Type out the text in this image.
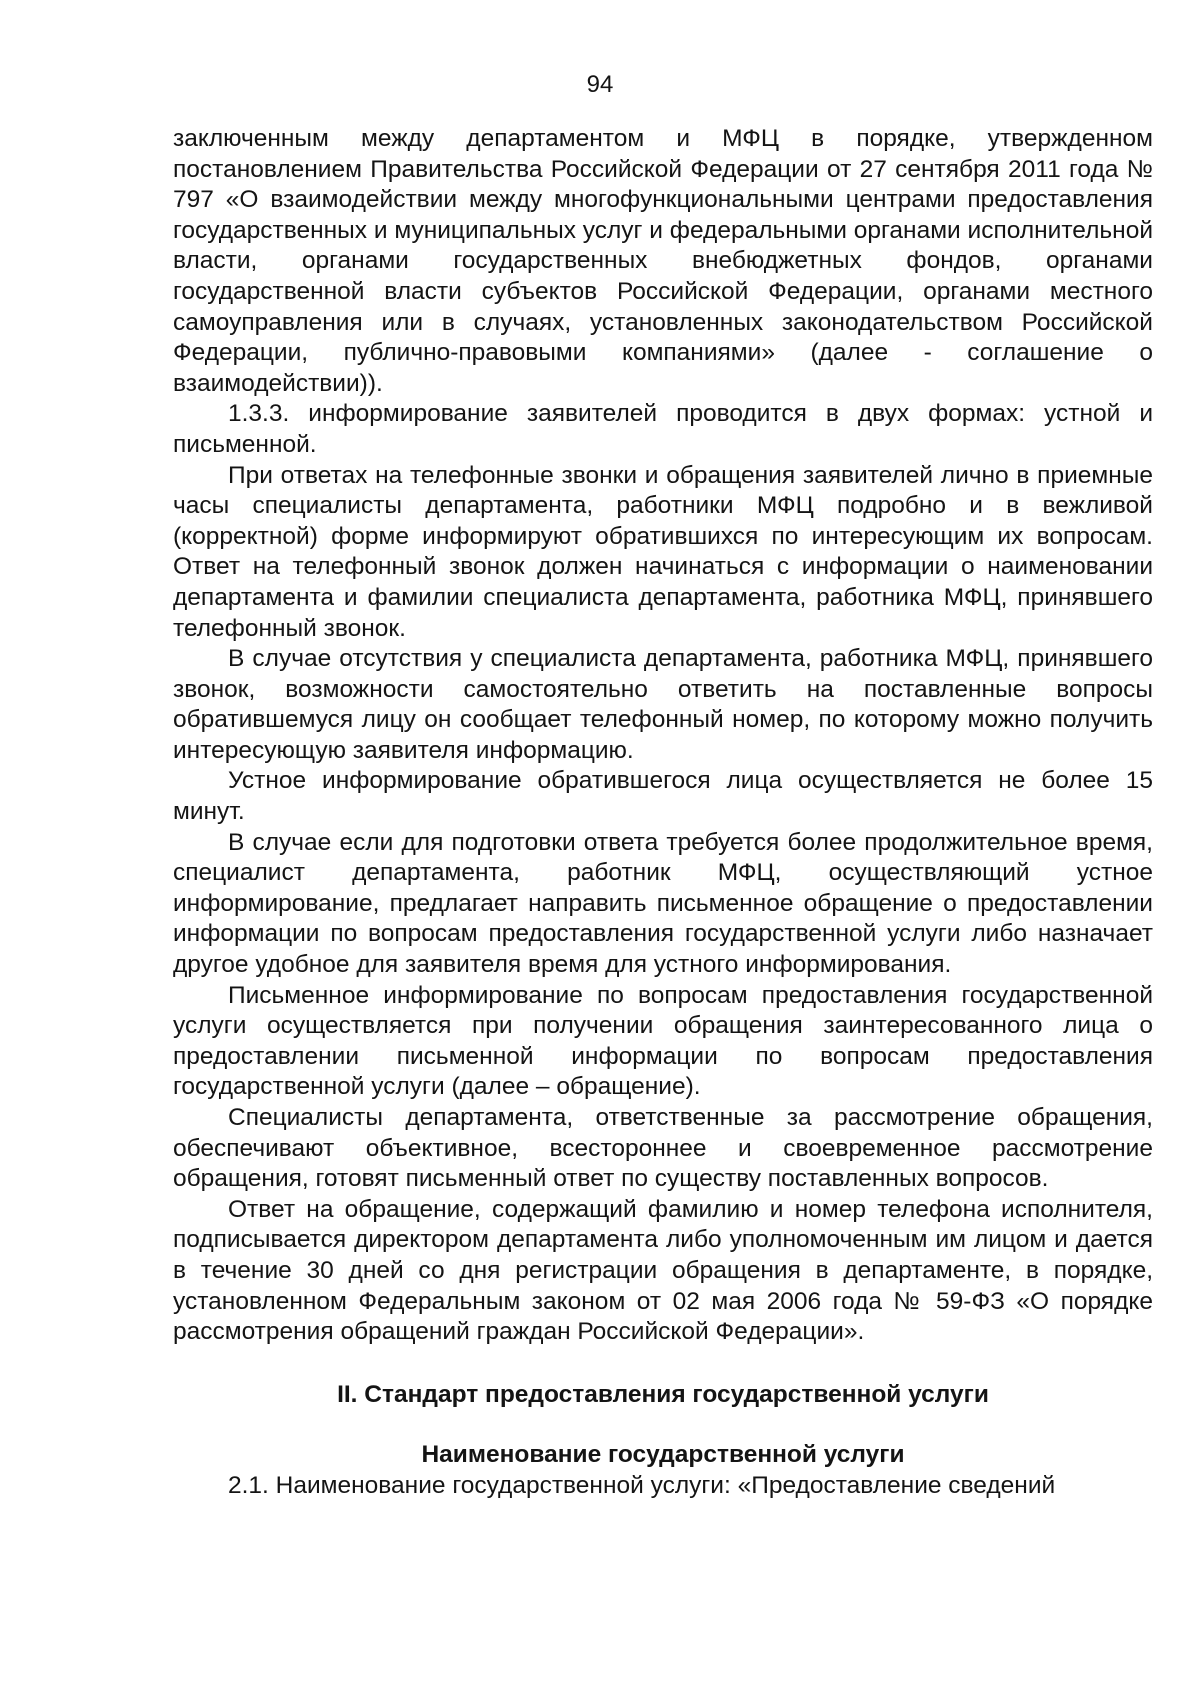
94

заключенным между департаментом и МФЦ в порядке, утвержденном постановлением Правительства Российской Федерации от 27 сентября 2011 года № 797 «О взаимодействии между многофункциональными центрами предоставления государственных и муниципальных услуг и федеральными органами исполнительной власти, органами государственных внебюджетных фондов, органами государственной власти субъектов Российской Федерации, органами местного самоуправления или в случаях, установленных законодательством Российской Федерации, публично-правовыми компаниями» (далее - соглашение о взаимодействии)).

1.3.3. информирование заявителей проводится в двух формах: устной и письменной.

При ответах на телефонные звонки и обращения заявителей лично в приемные часы специалисты департамента, работники МФЦ подробно и в вежливой (корректной) форме информируют обратившихся по интересующим их вопросам. Ответ на телефонный звонок должен начинаться с информации о наименовании департамента и фамилии специалиста департамента, работника МФЦ, принявшего телефонный звонок.

В случае отсутствия у специалиста департамента, работника МФЦ, принявшего звонок, возможности самостоятельно ответить на поставленные вопросы обратившемуся лицу он сообщает телефонный номер, по которому можно получить интересующую заявителя информацию.

Устное информирование обратившегося лица осуществляется не более 15 минут.

В случае если для подготовки ответа требуется более продолжительное время, специалист департамента, работник МФЦ, осуществляющий устное информирование, предлагает направить письменное обращение о предоставлении информации по вопросам предоставления государственной услуги либо назначает другое удобное для заявителя время для устного информирования.

Письменное информирование по вопросам предоставления государственной услуги осуществляется при получении обращения заинтересованного лица о предоставлении письменной информации по вопросам предоставления государственной услуги (далее – обращение).

Специалисты департамента, ответственные за рассмотрение обращения, обеспечивают объективное, всестороннее и своевременное рассмотрение обращения, готовят письменный ответ по существу поставленных вопросов.

Ответ на обращение, содержащий фамилию и номер телефона исполнителя, подписывается директором департамента либо уполномоченным им лицом и дается в течение 30 дней со дня регистрации обращения в департаменте, в порядке, установленном Федеральным законом от 02 мая 2006 года № 59-ФЗ «О порядке рассмотрения обращений граждан Российской Федерации».

II. Стандарт предоставления государственной услуги
Наименование государственной услуги

2.1. Наименование государственной услуги: «Предоставление сведений
